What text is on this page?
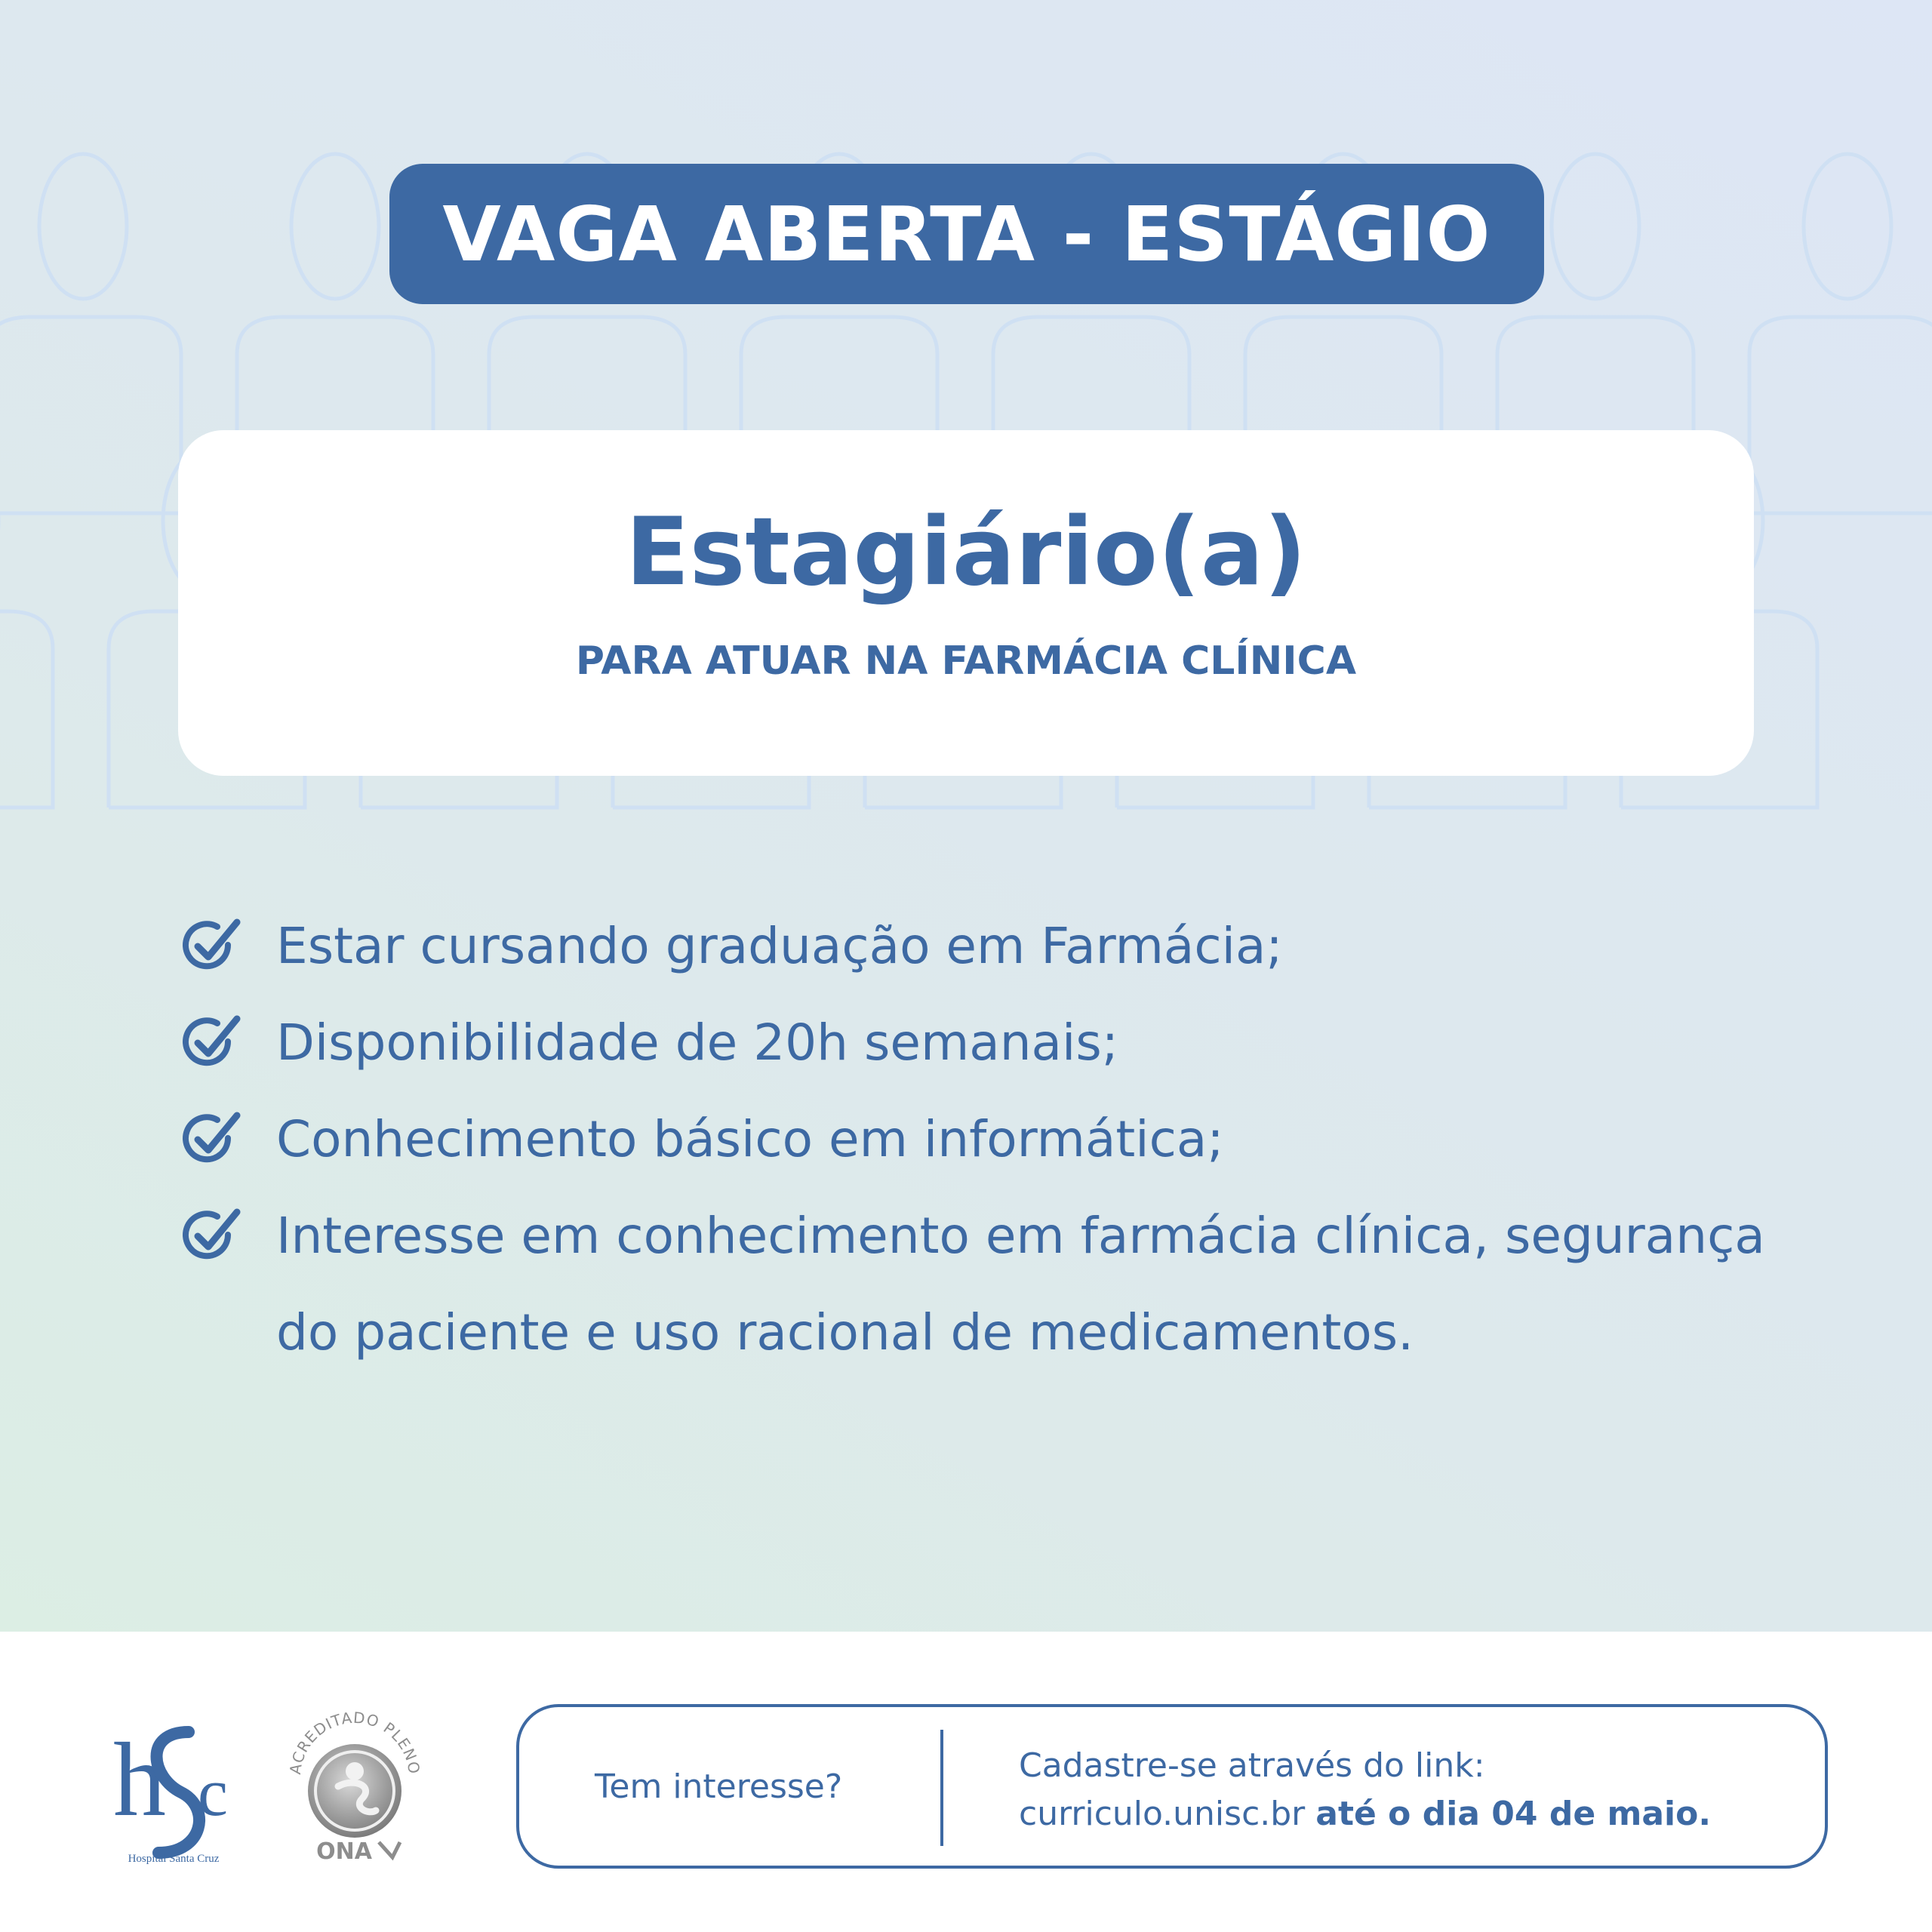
VAGA ABERTA - ESTÁGIO
Estagiário(a)

PARA ATUAR NA FARMÁCIA CLÍNICA

Estar cursando graduação em Farmácia;
Disponibilidade de 20h semanais;
Conhecimento básico em informática;
Interesse em conhecimento em farmácia clínica, segurança do paciente e uso racional de medicamentos.
h c
Hospital Santa Cruz
ACREDITADO PLENO
ONA
Tem interesse?
Cadastre-se através do link:
curriculo.unisc.br até o dia 04 de maio.
